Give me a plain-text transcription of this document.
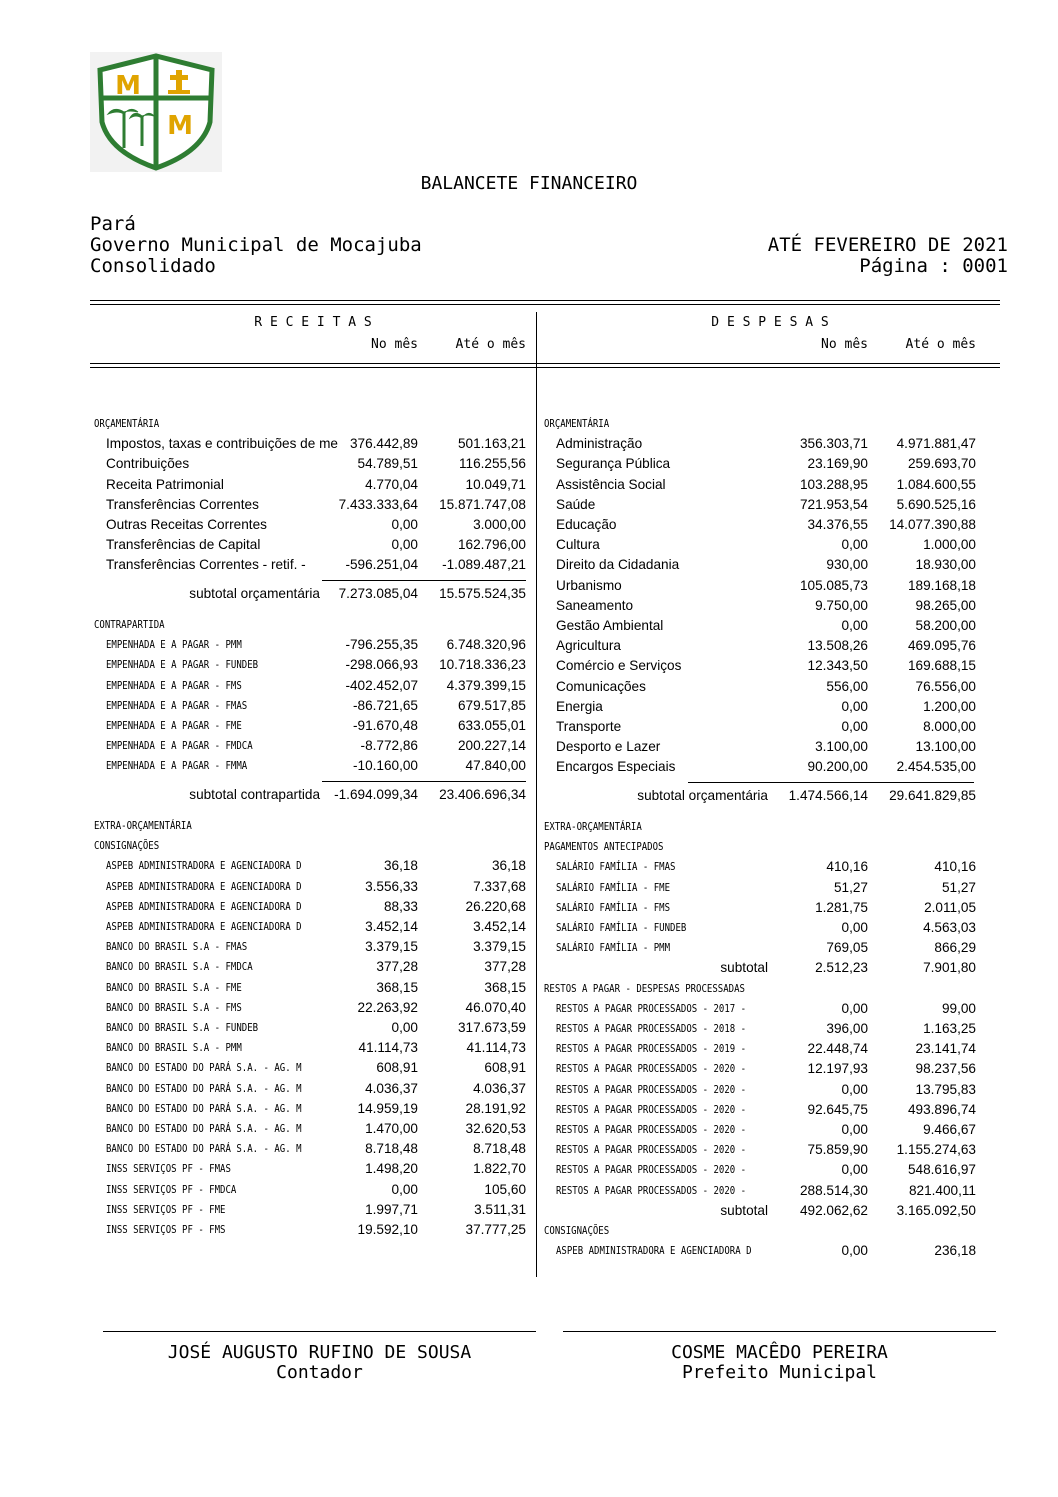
M
M
BALANCETE FINANCEIRO
Pará
Governo Municipal de Mocajuba
Consolidado
ATÉ FEVEREIRO DE 2021
Página : 0001
R E C E I T A S	D E S P E S A S
No mês	Até o mês	No mês	Até o mês
ORÇAMENTÁRIA
Impostos, taxas e contribuições de me 376.442,89	501.163,21
Contribuições	54.789,51	116.255,56
Receita Patrimonial	4.770,04	10.049,71
Transferências Correntes	7.433.333,64	15.871.747,08
Outras Receitas Correntes	0,00	3.000,00
Transferências de Capital	0,00	162.796,00
Transferências Correntes - retif. -	-596.251,04	-1.089.487,21
subtotal orçamentária	7.273.085,04	15.575.524,35
CONTRAPARTIDA
EMPENHADA E A PAGAR - PMM	-796.255,35	6.748.320,96
EMPENHADA E A PAGAR - FUNDEB	-298.066,93	10.718.336,23
EMPENHADA E A PAGAR - FMS	-402.452,07	4.379.399,15
EMPENHADA E A PAGAR - FMAS	-86.721,65	679.517,85
EMPENHADA E A PAGAR - FME	-91.670,48	633.055,01
EMPENHADA E A PAGAR - FMDCA	-8.772,86	200.227,14
EMPENHADA E A PAGAR - FMMA	-10.160,00	47.840,00
subtotal contrapartida	-1.694.099,34	23.406.696,34
EXTRA-ORÇAMENTÁRIA
CONSIGNAÇÕES
ASPEB ADMINISTRADORA E AGENCIADORA D	36,18	36,18
ASPEB ADMINISTRADORA E AGENCIADORA D	3.556,33	7.337,68
ASPEB ADMINISTRADORA E AGENCIADORA D	88,33	26.220,68
ASPEB ADMINISTRADORA E AGENCIADORA D	3.452,14	3.452,14
BANCO DO BRASIL S.A - FMAS	3.379,15	3.379,15
BANCO DO BRASIL S.A - FMDCA	377,28	377,28
BANCO DO BRASIL S.A - FME	368,15	368,15
BANCO DO BRASIL S.A - FMS	22.263,92	46.070,40
BANCO DO BRASIL S.A - FUNDEB	0,00	317.673,59
BANCO DO BRASIL S.A - PMM	41.114,73	41.114,73
BANCO DO ESTADO DO PARÁ S.A. - AG. M	608,91	608,91
BANCO DO ESTADO DO PARÁ S.A. - AG. M	4.036,37	4.036,37
BANCO DO ESTADO DO PARÁ S.A. - AG. M	14.959,19	28.191,92
BANCO DO ESTADO DO PARÁ S.A. - AG. M	1.470,00	32.620,53
BANCO DO ESTADO DO PARÁ S.A. - AG. M	8.718,48	8.718,48
INSS SERVIÇOS PF - FMAS	1.498,20	1.822,70
INSS SERVIÇOS PF - FMDCA	0,00	105,60
INSS SERVIÇOS PF - FME	1.997,71	3.511,31
INSS SERVIÇOS PF - FMS	19.592,10	37.777,25
ORÇAMENTÁRIA
Administração	356.303,71	4.971.881,47
Segurança Pública	23.169,90	259.693,70
Assistência Social	103.288,95	1.084.600,55
Saúde	721.953,54	5.690.525,16
Educação	34.376,55	14.077.390,88
Cultura	0,00	1.000,00
Direito da Cidadania	930,00	18.930,00
Urbanismo	105.085,73	189.168,18
Saneamento	9.750,00	98.265,00
Gestão Ambiental	0,00	58.200,00
Agricultura	13.508,26	469.095,76
Comércio e Serviços	12.343,50	169.688,15
Comunicações	556,00	76.556,00
Energia	0,00	1.200,00
Transporte	0,00	8.000,00
Desporto e Lazer	3.100,00	13.100,00
Encargos Especiais	90.200,00	2.454.535,00
subtotal orçamentária	1.474.566,14	29.641.829,85
EXTRA-ORÇAMENTÁRIA
PAGAMENTOS ANTECIPADOS
SALÁRIO FAMÍLIA - FMAS	410,16	410,16
SALÁRIO FAMÍLIA - FME	51,27	51,27
SALÁRIO FAMÍLIA - FMS	1.281,75	2.011,05
SALÁRIO FAMÍLIA - FUNDEB	0,00	4.563,03
SALÁRIO FAMÍLIA - PMM	769,05	866,29
subtotal	2.512,23	7.901,80
RESTOS A PAGAR - DESPESAS PROCESSADAS
RESTOS A PAGAR PROCESSADOS - 2017 -	0,00	99,00
RESTOS A PAGAR PROCESSADOS - 2018 -	396,00	1.163,25
RESTOS A PAGAR PROCESSADOS - 2019 -	22.448,74	23.141,74
RESTOS A PAGAR PROCESSADOS - 2020 -	12.197,93	98.237,56
RESTOS A PAGAR PROCESSADOS - 2020 -	0,00	13.795,83
RESTOS A PAGAR PROCESSADOS - 2020 -	92.645,75	493.896,74
RESTOS A PAGAR PROCESSADOS - 2020 -	0,00	9.466,67
RESTOS A PAGAR PROCESSADOS - 2020 -	75.859,90	1.155.274,63
RESTOS A PAGAR PROCESSADOS - 2020 -	0,00	548.616,97
RESTOS A PAGAR PROCESSADOS - 2020 -	288.514,30	821.400,11
subtotal	492.062,62	3.165.092,50
CONSIGNAÇÕES
ASPEB ADMINISTRADORA E AGENCIADORA D	0,00	236,18
JOSÉ AUGUSTO RUFINO DE SOUSA
Contador
COSME MACÊDO PEREIRA
Prefeito Municipal
